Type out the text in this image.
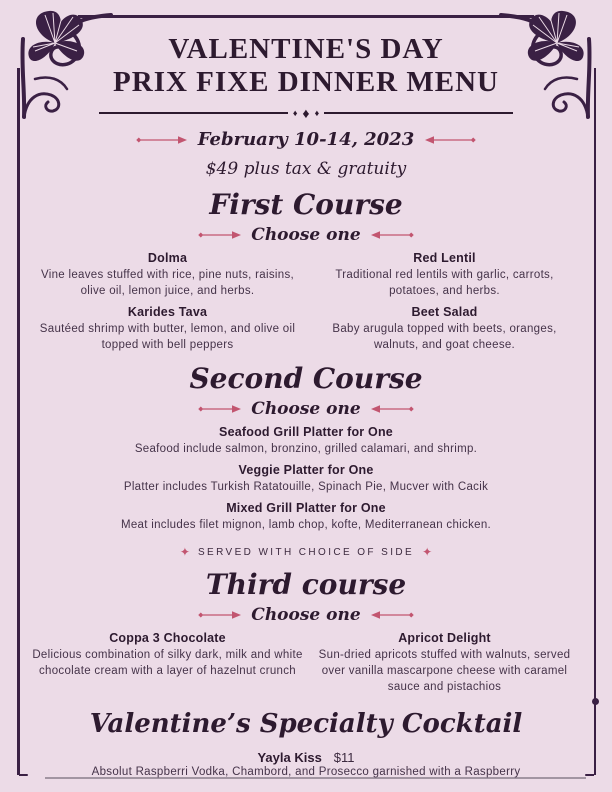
VALENTINE'S DAY
PRIX FIXE DINNER MENU
♦ ♦ ♦
February 10-14, 2023
$49 plus tax & gratuity
First Course
Choose one
Dolma
Vine leaves stuffed with rice, pine nuts, raisins, olive oil, lemon juice, and herbs.
Red Lentil
Traditional red lentils with garlic, carrots, potatoes, and herbs.
Karides Tava
Sautéed shrimp with butter, lemon, and olive oil topped with bell peppers
Beet Salad
Baby arugula topped with beets, oranges, walnuts, and goat cheese.
Second Course
Choose one
Seafood Grill Platter for One
Seafood include salmon, bronzino, grilled calamari, and shrimp.
Veggie Platter for One
Platter includes Turkish Ratatouille, Spinach Pie, Mucver with Cacik
Mixed Grill Platter for One
Meat includes filet mignon, lamb chop, kofte, Mediterranean chicken.
✦ SERVED WITH CHOICE OF SIDE ✦
Third course
Choose one
Coppa 3 Chocolate
Delicious combination of silky dark, milk and white chocolate cream with a layer of hazelnut crunch
Apricot Delight
Sun-dried apricots stuffed with walnuts, served over vanilla mascarpone cheese with caramel sauce and pistachios
Valentine’s Specialty Cocktail
Yayla Kiss $11
Absolut Raspberri Vodka, Chambord, and Prosecco garnished with a Raspberry
